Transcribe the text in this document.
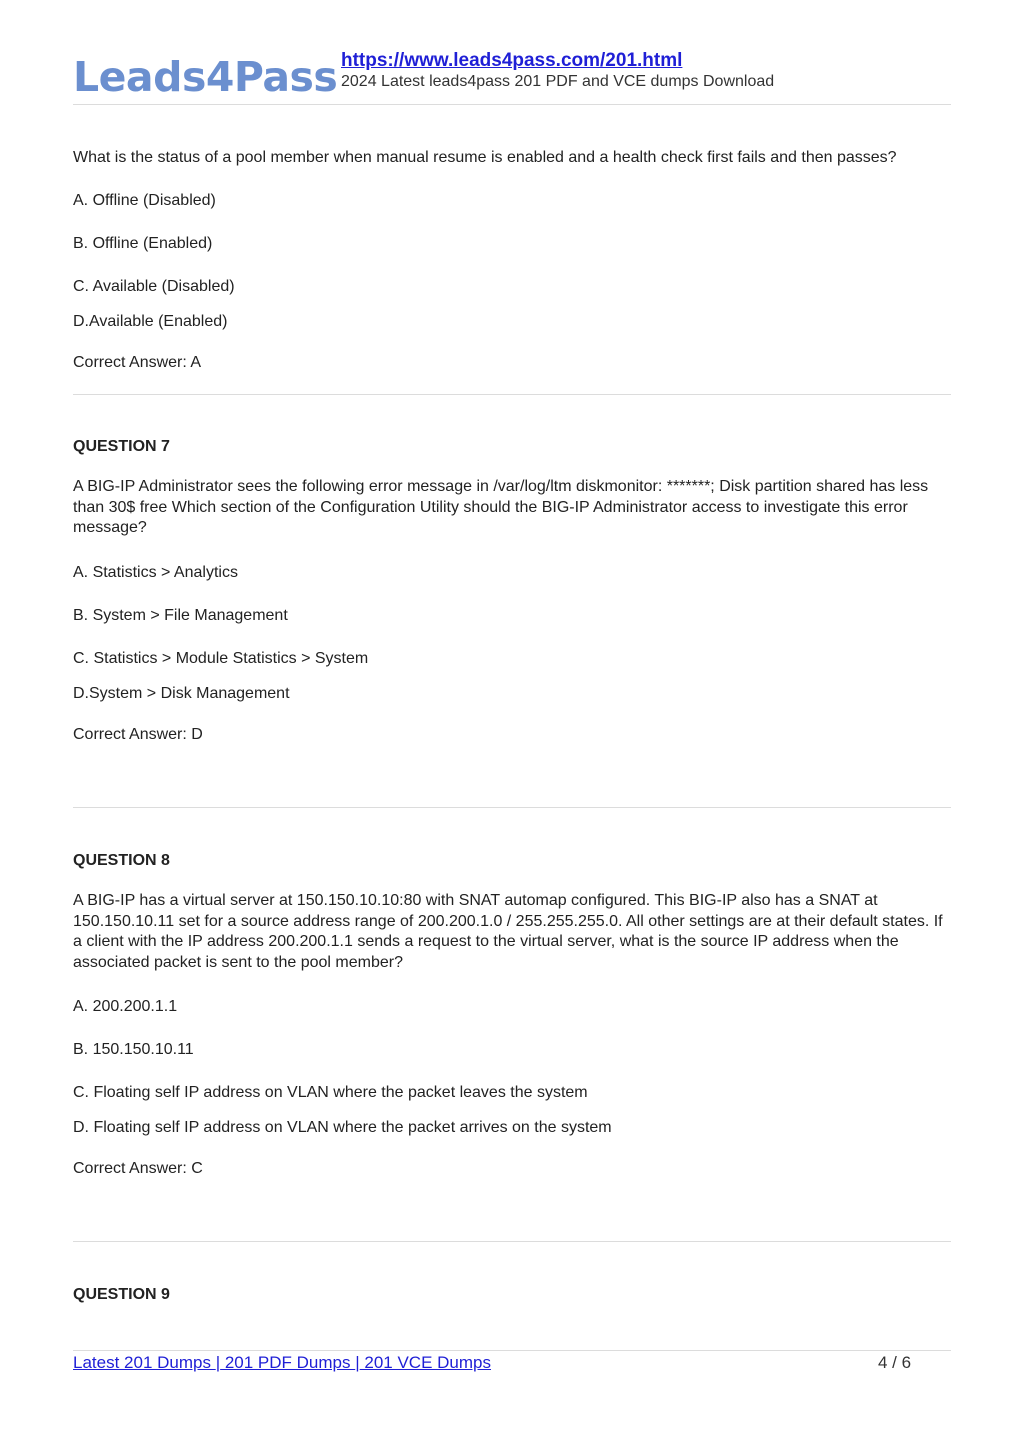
Leads4Pass https://www.leads4pass.com/201.html
2024 Latest leads4pass 201 PDF and VCE dumps Download
What is the status of a pool member when manual resume is enabled and a health check first fails and then passes?
A. Offline (Disabled)
B. Offline (Enabled)
C. Available (Disabled)
D.Available (Enabled)
Correct Answer: A
QUESTION 7
A BIG-IP Administrator sees the following error message in /var/log/ltm diskmonitor: *******; Disk partition shared has less than 30$ free Which section of the Configuration Utility should the BIG-IP Administrator access to investigate this error message?
A. Statistics > Analytics
B. System > File Management
C. Statistics > Module Statistics > System
D.System > Disk Management
Correct Answer: D
QUESTION 8
A BIG-IP has a virtual server at 150.150.10.10:80 with SNAT automap configured. This BIG-IP also has a SNAT at 150.150.10.11 set for a source address range of 200.200.1.0 / 255.255.255.0. All other settings are at their default states. If a client with the IP address 200.200.1.1 sends a request to the virtual server, what is the source IP address when the associated packet is sent to the pool member?
A. 200.200.1.1
B. 150.150.10.11
C. Floating self IP address on VLAN where the packet leaves the system
D. Floating self IP address on VLAN where the packet arrives on the system
Correct Answer: C
QUESTION 9
Latest 201 Dumps | 201 PDF Dumps | 201 VCE Dumps	4 / 6
